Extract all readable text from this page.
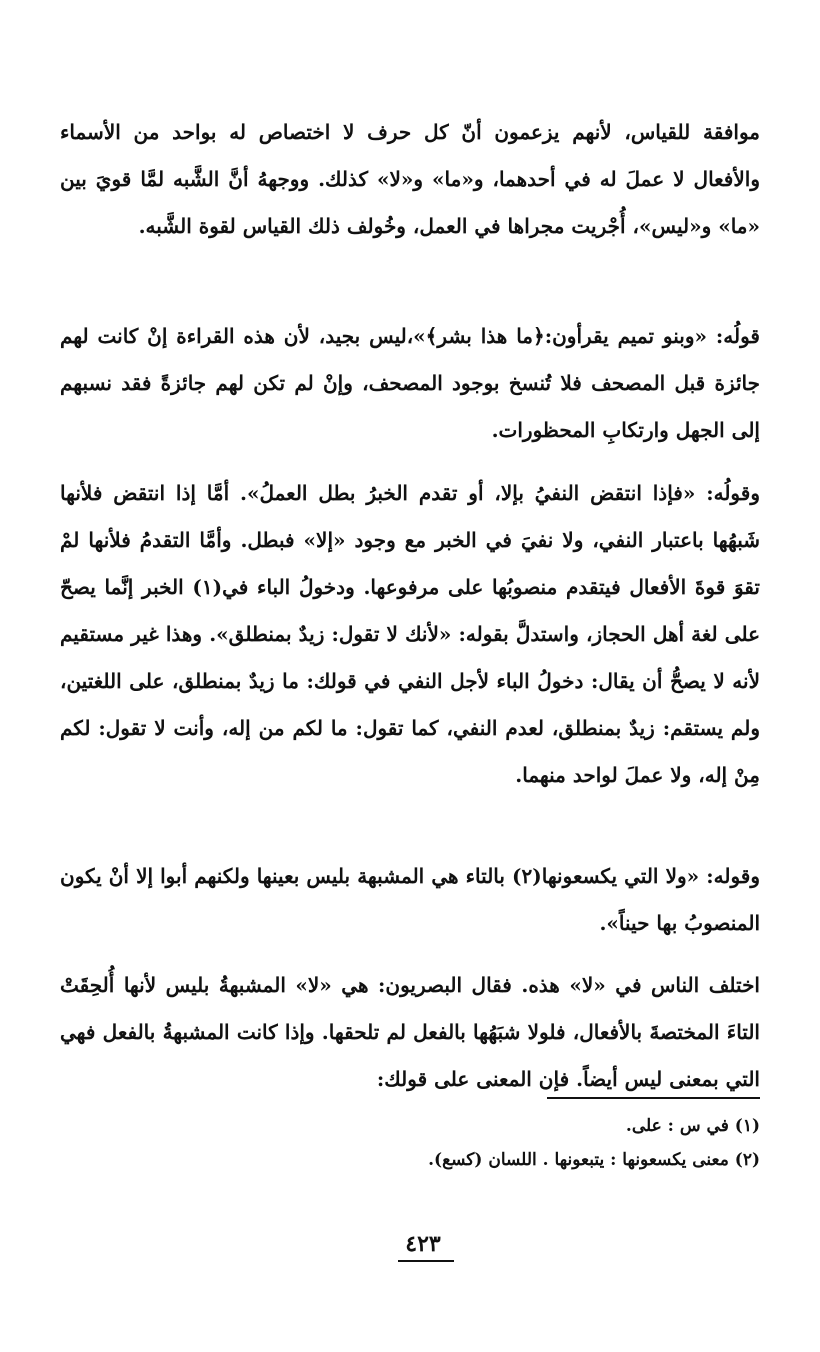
موافقة للقياس، لأنهم يزعمون أنّ كل حرف لا اختصاص له بواحد من الأسماء والأفعال لا عملَ له في أحدهما، و«ما» و«لا» كذلك. ووجههُ أنَّ الشَّبه لمَّا قويَ بين «ما» و«ليس»، أُجْريت مجراها في العمل، وخُولف ذلك القياس لقوة الشَّبه.

قولُه: «وبنو تميم يقرأون:﴿ما هذا بشر﴾»،ليس بجيد، لأن هذه القراءة إنْ كانت لهم جائزة قبل المصحف فلا تُنسخ بوجود المصحف، وإنْ لم تكن لهم جائزةً فقد نسبهم إلى الجهل وارتكابِ المحظورات.

وقولُه: «فإذا انتقض النفيُ بإلا، أو تقدم الخبرُ بطل العملُ». أمَّا إذا انتقض فلأنها شَبهُها باعتبار النفي، ولا نفيَ في الخبر مع وجود «إلا» فبطل. وأمَّا التقدمُ فلأنها لمْ تقوَ قوةَ الأفعال فيتقدم منصوبُها على مرفوعها. ودخولُ الباء في(١) الخبر إنَّما يصحّ على لغة أهل الحجاز، واستدلَّ بقوله: «لأنك لا تقول: زيدٌ بمنطلق». وهذا غير مستقيم لأنه لا يصحُّ أن يقال: دخولُ الباء لأجل النفي في قولك: ما زيدٌ بمنطلق، على اللغتين، ولم يستقم: زيدٌ بمنطلق، لعدم النفي، كما تقول: ما لكم من إله، وأنت لا تقول: لكم مِنْ إله، ولا عملَ لواحد منهما.

وقوله: «ولا التي يكسعونها(٢) بالتاء هي المشبهة بليس بعينها ولكنهم أبوا إلا أنْ يكون المنصوبُ بها حيناً».

اختلف الناس في «لا» هذه. فقال البصريون: هي «لا» المشبهةُ بليس لأنها أُلحِقَتْ التاءَ المختصةَ بالأفعال، فلولا شبَهُها بالفعل لم تلحقها. وإذا كانت المشبهةُ بالفعل فهي التي بمعنى ليس أيضاً. فإن المعنى على قولك:

(١) في س : على.

(٢) معنى يكسعونها : يتبعونها . اللسان (كسع).

٤٢٣
